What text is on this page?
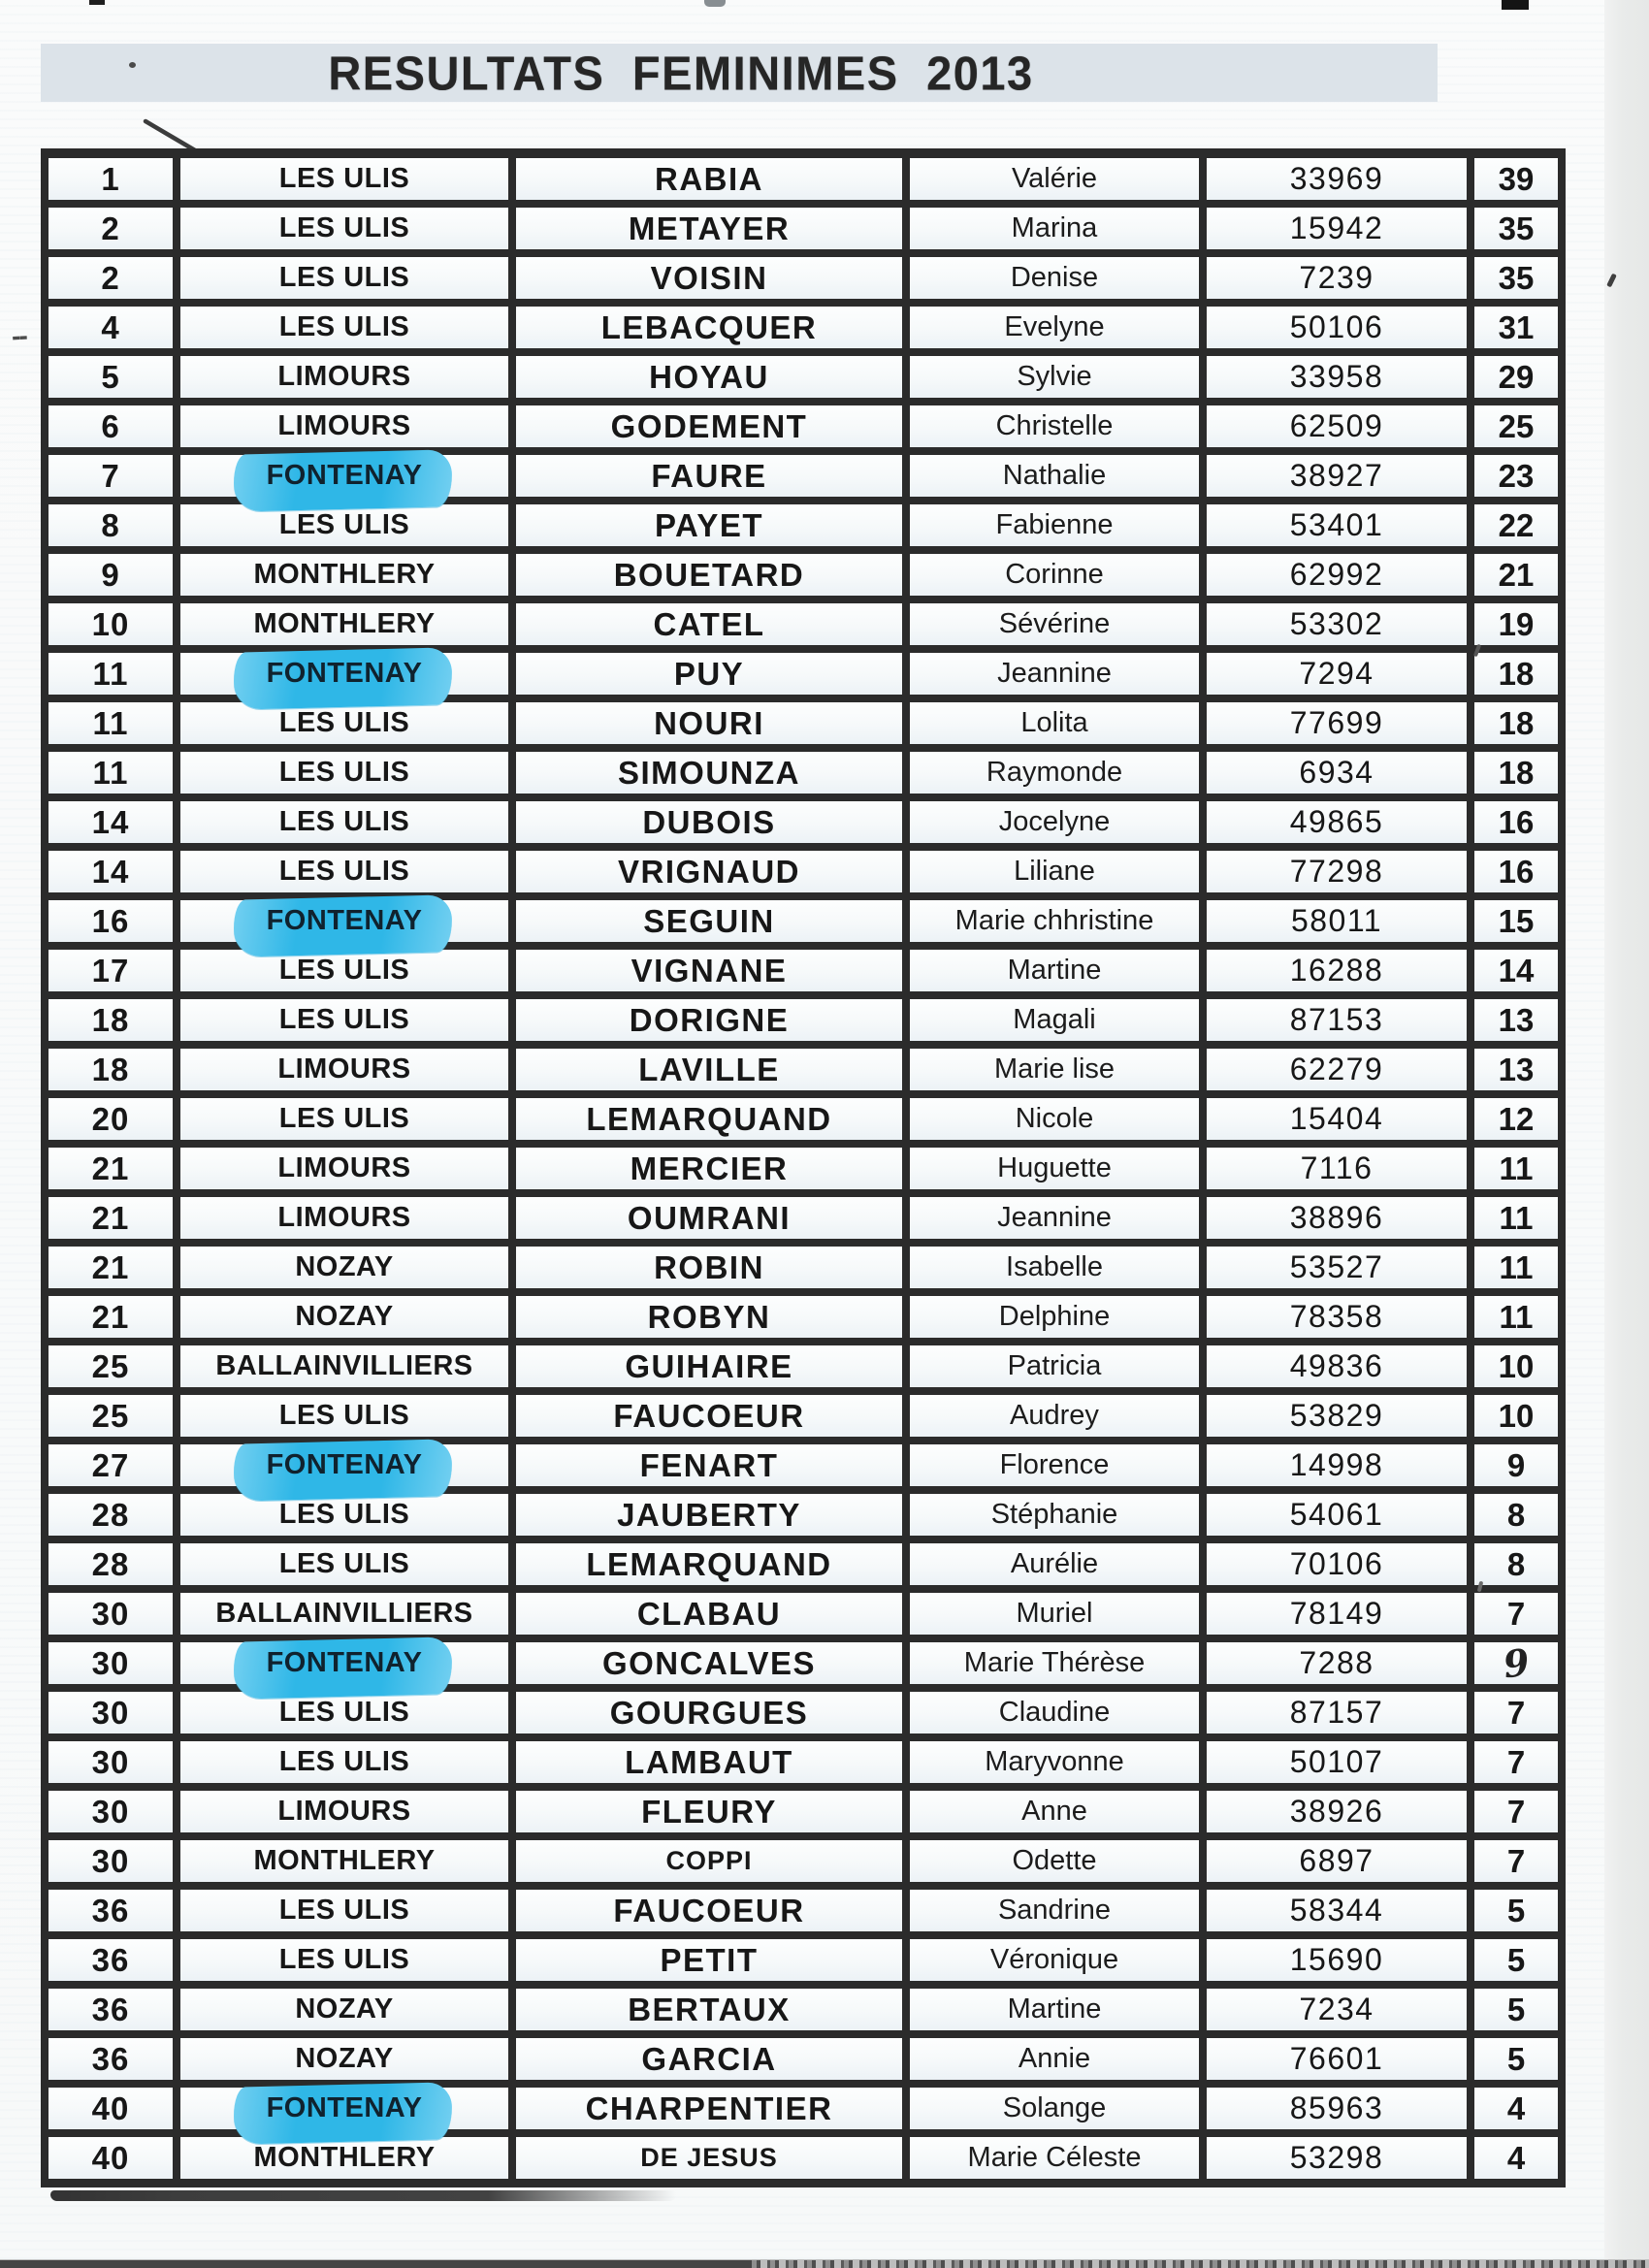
RESULTATS FEMINIMES 2013
--
1	LES ULIS	RABIA	Valérie	33969	39
2	LES ULIS	METAYER	Marina	15942	35
2	LES ULIS	VOISIN	Denise	7239	35
4	LES ULIS	LEBACQUER	Evelyne	50106	31
5	LIMOURS	HOYAU	Sylvie	33958	29
6	LIMOURS	GODEMENT	Christelle	62509	25
7	FONTENAY	FAURE	Nathalie	38927	23
8	LES ULIS	PAYET	Fabienne	53401	22
9	MONTHLERY	BOUETARD	Corinne	62992	21
10	MONTHLERY	CATEL	Sévérine	53302	19
11	FONTENAY	PUY	Jeannine	7294	18
11	LES ULIS	NOURI	Lolita	77699	18
11	LES ULIS	SIMOUNZA	Raymonde	6934	18
14	LES ULIS	DUBOIS	Jocelyne	49865	16
14	LES ULIS	VRIGNAUD	Liliane	77298	16
16	FONTENAY	SEGUIN	Marie chhristine	58011	15
17	LES ULIS	VIGNANE	Martine	16288	14
18	LES ULIS	DORIGNE	Magali	87153	13
18	LIMOURS	LAVILLE	Marie lise	62279	13
20	LES ULIS	LEMARQUAND	Nicole	15404	12
21	LIMOURS	MERCIER	Huguette	7116	11
21	LIMOURS	OUMRANI	Jeannine	38896	11
21	NOZAY	ROBIN	Isabelle	53527	11
21	NOZAY	ROBYN	Delphine	78358	11
25	BALLAINVILLIERS	GUIHAIRE	Patricia	49836	10
25	LES ULIS	FAUCOEUR	Audrey	53829	10
27	FONTENAY	FENART	Florence	14998	9
28	LES ULIS	JAUBERTY	Stéphanie	54061	8
28	LES ULIS	LEMARQUAND	Aurélie	70106	8
30	BALLAINVILLIERS	CLABAU	Muriel	78149	7
30	FONTENAY	GONCALVES	Marie Thérèse	7288	9
30	LES ULIS	GOURGUES	Claudine	87157	7
30	LES ULIS	LAMBAUT	Maryvonne	50107	7
30	LIMOURS	FLEURY	Anne	38926	7
30	MONTHLERY	COPPI	Odette	6897	7
36	LES ULIS	FAUCOEUR	Sandrine	58344	5
36	LES ULIS	PETIT	Véronique	15690	5
36	NOZAY	BERTAUX	Martine	7234	5
36	NOZAY	GARCIA	Annie	76601	5
40	FONTENAY	CHARPENTIER	Solange	85963	4
40	MONTHLERY	DE JESUS	Marie Céleste	53298	4
